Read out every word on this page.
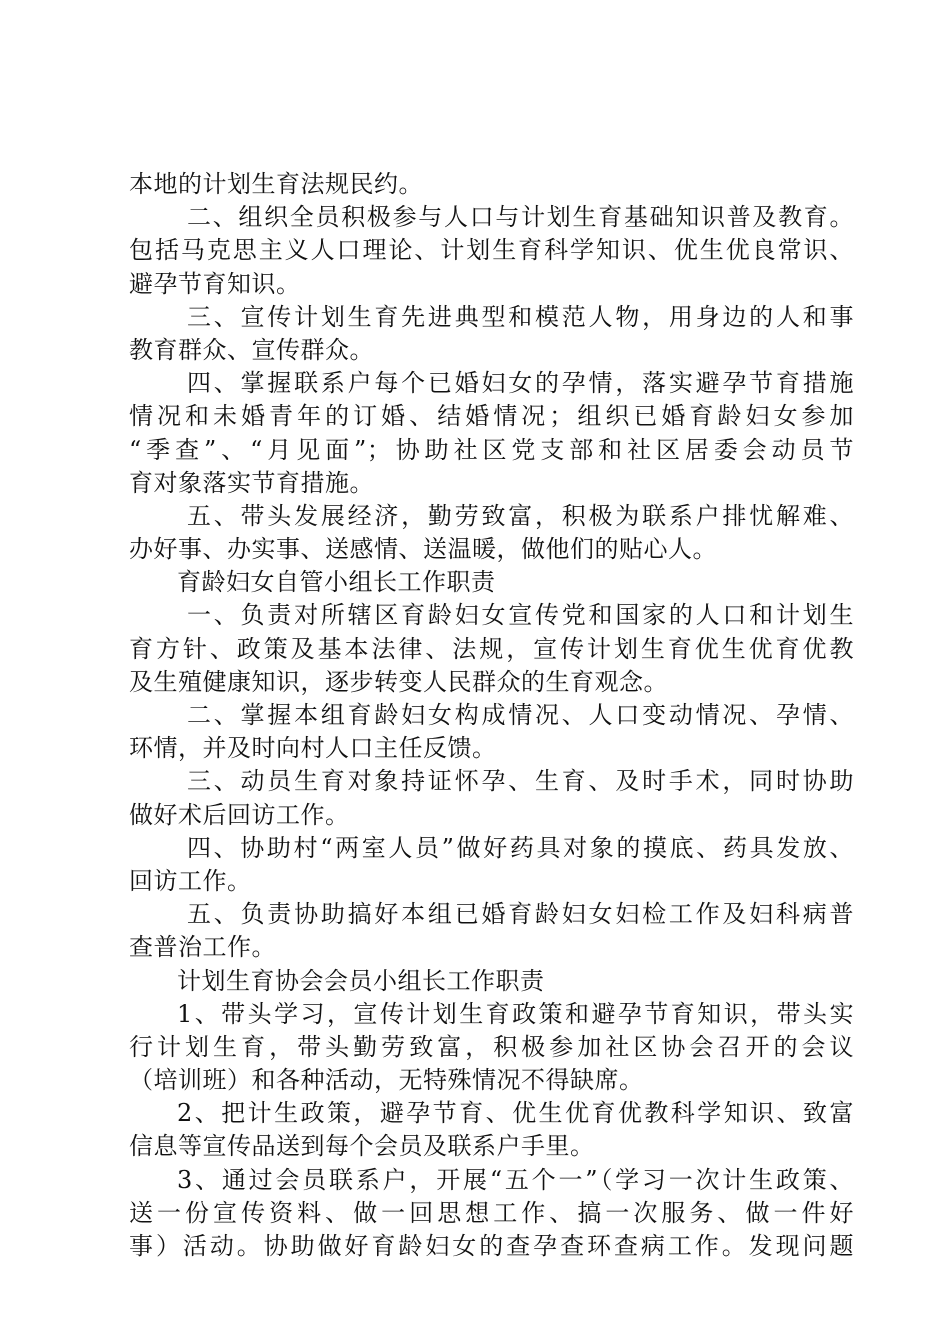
本地的计划生育法规民约。
二、组织全员积极参与人口与计划生育基础知识普及教育。
包括马克思主义人口理论、计划生育科学知识、优生优良常识、
避孕节育知识。
三、宣传计划生育先进典型和模范人物，用身边的人和事
教育群众、宣传群众。
四、掌握联系户每个已婚妇女的孕情，落实避孕节育措施
情况和未婚青年的订婚、结婚情况；组织已婚育龄妇女参加
“季查”、“月见面”；协助社区党支部和社区居委会动员节
育对象落实节育措施。
五、带头发展经济，勤劳致富，积极为联系户排忧解难、
办好事、办实事、送感情、送温暖，做他们的贴心人。
育龄妇女自管小组长工作职责
一、负责对所辖区育龄妇女宣传党和国家的人口和计划生
育方针、政策及基本法律、法规，宣传计划生育优生优育优教
及生殖健康知识，逐步转变人民群众的生育观念。
二、掌握本组育龄妇女构成情况、人口变动情况、孕情、
环情，并及时向村人口主任反馈。
三、动员生育对象持证怀孕、生育、及时手术，同时协助
做好术后回访工作。
四、协助村“两室人员”做好药具对象的摸底、药具发放、
回访工作。
五、负责协助搞好本组已婚育龄妇女妇检工作及妇科病普
查普治工作。
计划生育协会会员小组长工作职责
1、带头学习，宣传计划生育政策和避孕节育知识，带头实
行计划生育，带头勤劳致富，积极参加社区协会召开的会议
（培训班）和各种活动，无特殊情况不得缺席。
2、把计生政策，避孕节育、优生优育优教科学知识、致富
信息等宣传品送到每个会员及联系户手里。
3、通过会员联系户，开展“五个一”（学习一次计生政策、
送一份宣传资料、做一回思想工作、搞一次服务、做一件好
事）活动。协助做好育龄妇女的查孕查环查病工作。发现问题
